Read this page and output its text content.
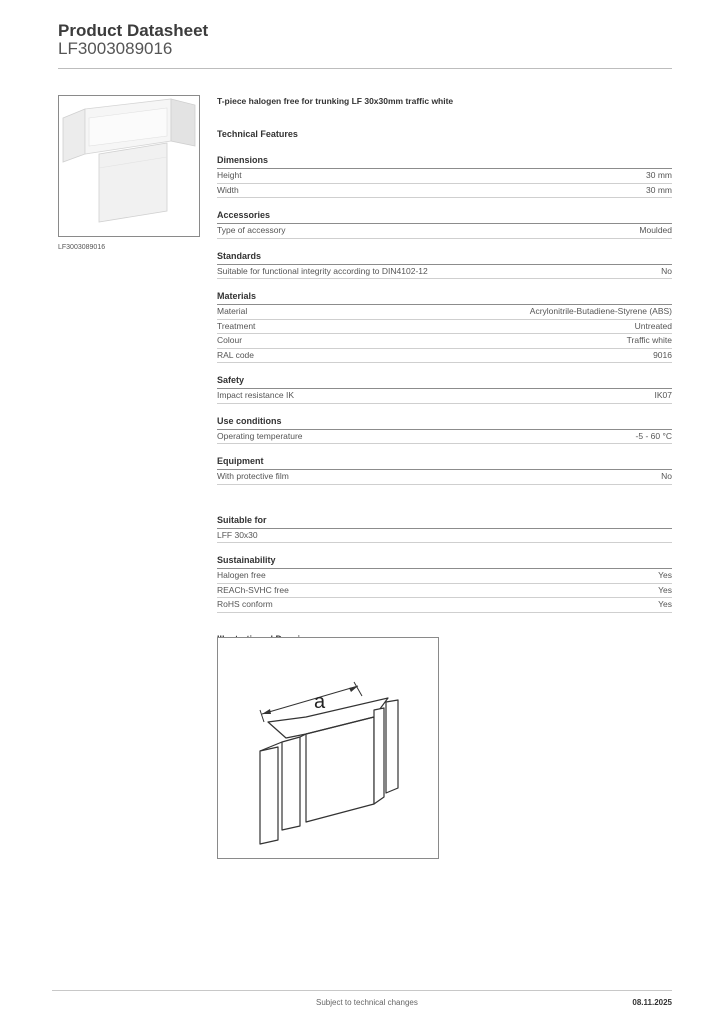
Product Datasheet
LF3003089016
LF3003089016
T-piece halogen free for trunking LF 30x30mm traffic white
Technical Features
Dimensions
Height	30 mm
Width	30 mm
Accessories
Type of accessory	Moulded
Standards
Suitable for functional integrity according to DIN4102-12	No
Materials
Material	Acrylonitrile-Butadiene-Styrene (ABS)
Treatment	Untreated
Colour	Traffic white
RAL code	9016
Safety
Impact resistance IK	IK07
Use conditions
Operating temperature	-5 - 60 °C
Equipment
With protective film	No
Suitable for
LFF 30x30
Sustainability
Halogen free	Yes
REACh-SVHC free	Yes
RoHS conform	Yes
a
Subject to technical changes	08.11.2025
